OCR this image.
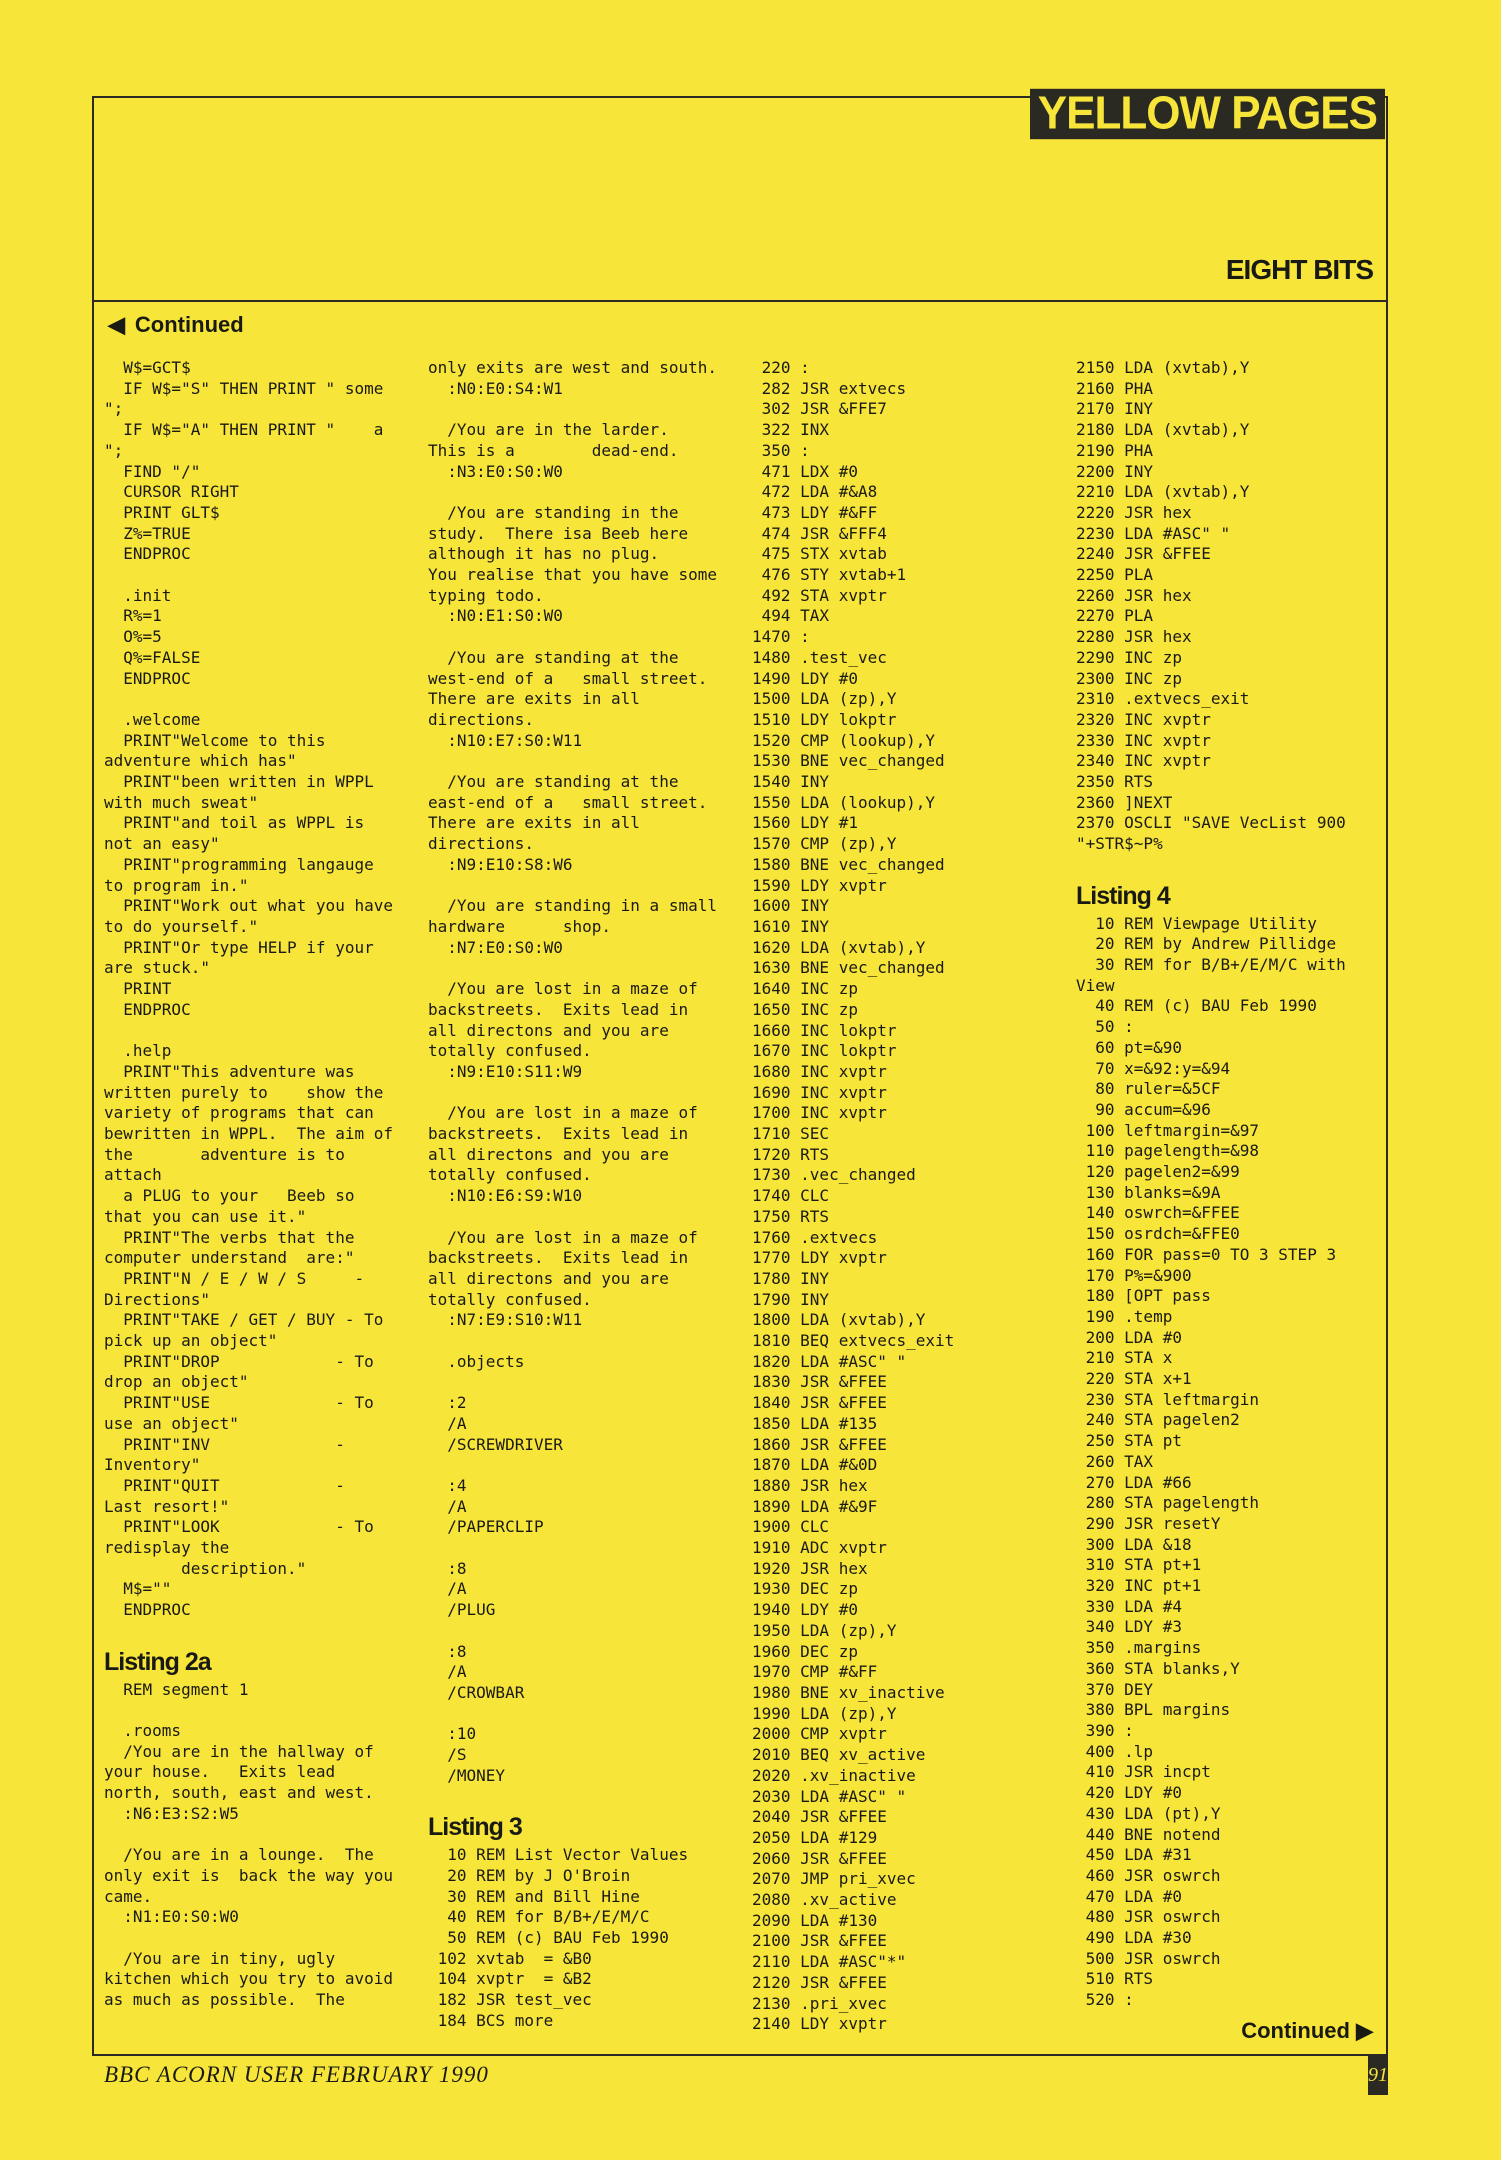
YELLOW PAGES
EIGHT BITS
◀ Continued
W$=GCT$
IF W$="S" THEN PRINT " some
";
IF W$="A" THEN PRINT "    a
";
FIND "/"
CURSOR RIGHT
PRINT GLT$
Z%=TRUE
ENDPROC

.init
R%=1
O%=5
Q%=FALSE
ENDPROC

.welcome
PRINT"Welcome to this
adventure which has"
PRINT"been written in WPPL
with much sweat"
PRINT"and toil as WPPL is
not an easy"
PRINT"programming langauge
to program in."
PRINT"Work out what you have
to do yourself."
PRINT"Or type HELP if your
are stuck."
PRINT
ENDPROC

.help
PRINT"This adventure was
written purely to    show the
variety of programs that can
bewritten in WPPL.  The aim of
the       adventure is to
attach
a PLUG to your   Beeb so
that you can use it."
PRINT"The verbs that the
computer understand  are:"
PRINT"N / E / W / S     -
Directions"
PRINT"TAKE / GET / BUY - To
pick up an object"
PRINT"DROP            - To
drop an object"
PRINT"USE             - To
use an object"
PRINT"INV             -
Inventory"
PRINT"QUIT            -
Last resort!"
PRINT"LOOK            - To
redisplay the
description."
M$=""
ENDPROC

Listing 2a
REM segment 1

.rooms
/You are in the hallway of
your house.   Exits lead
north, south, east and west.
:N6:E3:S2:W5

/You are in a lounge.  The
only exit is  back the way you
came.
:N1:E0:S0:W0

/You are in tiny, ugly
kitchen which you try to avoid
as much as possible.  The
only exits are west and south.
:N0:E0:S4:W1

/You are in the larder.
This is a        dead-end.
:N3:E0:S0:W0

/You are standing in the
study.  There isa Beeb here
although it has no plug.
You realise that you have some
typing todo.
:N0:E1:S0:W0

/You are standing at the
west-end of a   small street.
There are exits in all
directions.
:N10:E7:S0:W11

/You are standing at the
east-end of a   small street.
There are exits in all
directions.
:N9:E10:S8:W6

/You are standing in a small
hardware      shop.
:N7:E0:S0:W0

/You are lost in a maze of
backstreets.  Exits lead in
all directons and you are
totally confused.
:N9:E10:S11:W9

/You are lost in a maze of
backstreets.  Exits lead in
all directons and you are
totally confused.
:N10:E6:S9:W10

/You are lost in a maze of
backstreets.  Exits lead in
all directons and you are
totally confused.
:N7:E9:S10:W11

.objects

:2
/A
/SCREWDRIVER

:4
/A
/PAPERCLIP

:8
/A
/PLUG

:8
/A
/CROWBAR

:10
/S
/MONEY

Listing 3
10 REM List Vector Values
20 REM by J O'Broin
30 REM and Bill Hine
40 REM for B/B+/E/M/C
50 REM (c) BAU Feb 1990
102 xvtab  = &B0
104 xvptr  = &B2
182 JSR test_vec
184 BCS more
220 :
282 JSR extvecs
302 JSR &FFE7
322 INX
350 :
471 LDX #0
472 LDA #&A8
473 LDY #&FF
474 JSR &FFF4
475 STX xvtab
476 STY xvtab+1
492 STA xvptr
494 TAX
1470 :
1480 .test_vec
1490 LDY #0
1500 LDA (zp),Y
1510 LDY lokptr
1520 CMP (lookup),Y
1530 BNE vec_changed
1540 INY
1550 LDA (lookup),Y
1560 LDY #1
1570 CMP (zp),Y
1580 BNE vec_changed
1590 LDY xvptr
1600 INY
1610 INY
1620 LDA (xvtab),Y
1630 BNE vec_changed
1640 INC zp
1650 INC zp
1660 INC lokptr
1670 INC lokptr
1680 INC xvptr
1690 INC xvptr
1700 INC xvptr
1710 SEC
1720 RTS
1730 .vec_changed
1740 CLC
1750 RTS
1760 .extvecs
1770 LDY xvptr
1780 INY
1790 INY
1800 LDA (xvtab),Y
1810 BEQ extvecs_exit
1820 LDA #ASC" "
1830 JSR &FFEE
1840 JSR &FFEE
1850 LDA #135
1860 JSR &FFEE
1870 LDA #&0D
1880 JSR hex
1890 LDA #&9F
1900 CLC
1910 ADC xvptr
1920 JSR hex
1930 DEC zp
1940 LDY #0
1950 LDA (zp),Y
1960 DEC zp
1970 CMP #&FF
1980 BNE xv_inactive
1990 LDA (zp),Y
2000 CMP xvptr
2010 BEQ xv_active
2020 .xv_inactive
2030 LDA #ASC" "
2040 JSR &FFEE
2050 LDA #129
2060 JSR &FFEE
2070 JMP pri_xvec
2080 .xv_active
2090 LDA #130
2100 JSR &FFEE
2110 LDA #ASC"*"
2120 JSR &FFEE
2130 .pri_xvec
2140 LDY xvptr
2150 LDA (xvtab),Y
2160 PHA
2170 INY
2180 LDA (xvtab),Y
2190 PHA
2200 INY
2210 LDA (xvtab),Y
2220 JSR hex
2230 LDA #ASC" "
2240 JSR &FFEE
2250 PLA
2260 JSR hex
2270 PLA
2280 JSR hex
2290 INC zp
2300 INC zp
2310 .extvecs_exit
2320 INC xvptr
2330 INC xvptr
2340 INC xvptr
2350 RTS
2360 ]NEXT
2370 OSCLI "SAVE VecList 900
"+STR$~P%

Listing 4
10 REM Viewpage Utility
20 REM by Andrew Pillidge
30 REM for B/B+/E/M/C with
View
40 REM (c) BAU Feb 1990
50 :
60 pt=&90
70 x=&92:y=&94
80 ruler=&5CF
90 accum=&96
100 leftmargin=&97
110 pagelength=&98
120 pagelen2=&99
130 blanks=&9A
140 oswrch=&FFEE
150 osrdch=&FFE0
160 FOR pass=0 TO 3 STEP 3
170 P%=&900
180 [OPT pass
190 .temp
200 LDA #0
210 STA x
220 STA x+1
230 STA leftmargin
240 STA pagelen2
250 STA pt
260 TAX
270 LDA #66
280 STA pagelength
290 JSR resetY
300 LDA &18
310 STA pt+1
320 INC pt+1
330 LDA #4
340 LDY #3
350 .margins
360 STA blanks,Y
370 DEY
380 BPL margins
390 :
400 .lp
410 JSR incpt
420 LDY #0
430 LDA (pt),Y
440 BNE notend
450 LDA #31
460 JSR oswrch
470 LDA #0
480 JSR oswrch
490 LDA #30
500 JSR oswrch
510 RTS
520 :
Continued ▶
BBC ACORN USER FEBRUARY 1990	91
